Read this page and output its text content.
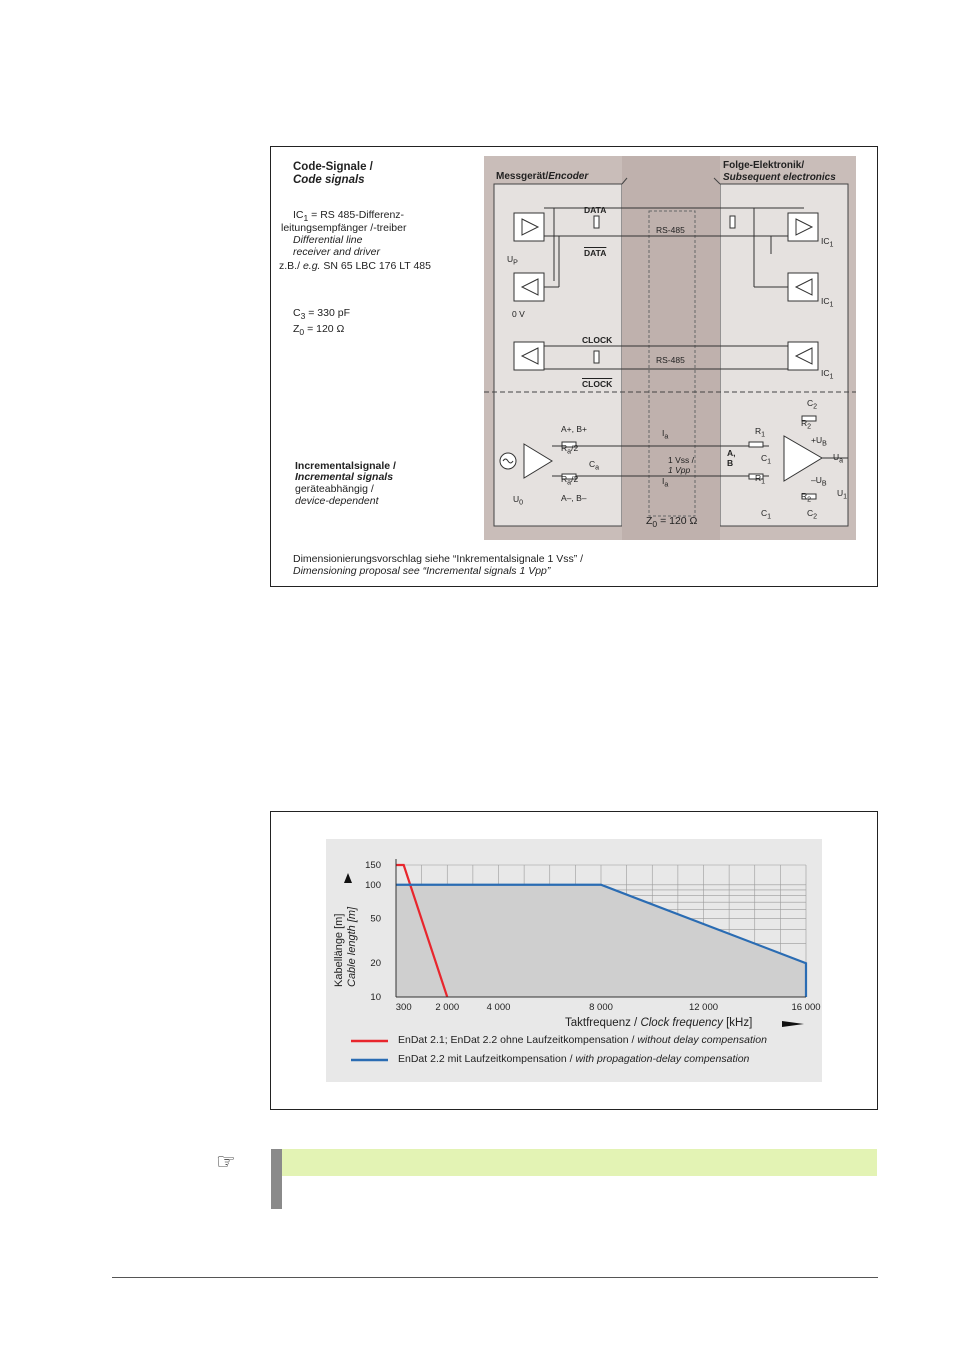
Code-Signale /
Code signals
$IC_1$ = RS 485-Differenz-
leitungsempfänger /-treiber
Differential line
receiver and driver
z.B./ e.g. SN 65 LBC 176 LT 485
$C_3 = 330$ pF
$Z_0 = 120$ Ω
Incrementalsignale /
Incremental signals
geräteabhängig /
device-dependent
Dimensionierungsvorschlag siehe “Inkrementalsignale 1 Vss” /
Dimensioning proposal see “Incremental signals 1 Vpp”
Messgerät/Encoder
Folge-Elektronik/
Subsequent electronics
DATA
DATA
RS-485
CLOCK
CLOCK
RS-485
$U_P$
0 V
A+, B+
A–, B–
$R_a/2$
$R_a/2$
$C_a$
$I_a$
$I_a$
1 Vss /
1 Vpp
$Z_0 = 120$ Ω
$U_0$
A,
B
$R_1$
$R_1$
$R_2$
$R_2$
$C_1$
$C_1$
$C_2$
$C_2$
$+U_B$
$-U_B$
$U_a$
$U_1$
$IC_1$
$IC_1$
$IC_1$
300 2 000	4 000	8 000	12 000	16 000
150
100
50
20
10
Kabellänge [m] Cable length [m]
Taktfrequenz / Clock frequency [kHz]
EnDat 2.1; EnDat 2.2 ohne Laufzeitkompensation / without delay compensation
EnDat 2.2 mit Laufzeitkompensation / with propagation-delay compensation
☞
